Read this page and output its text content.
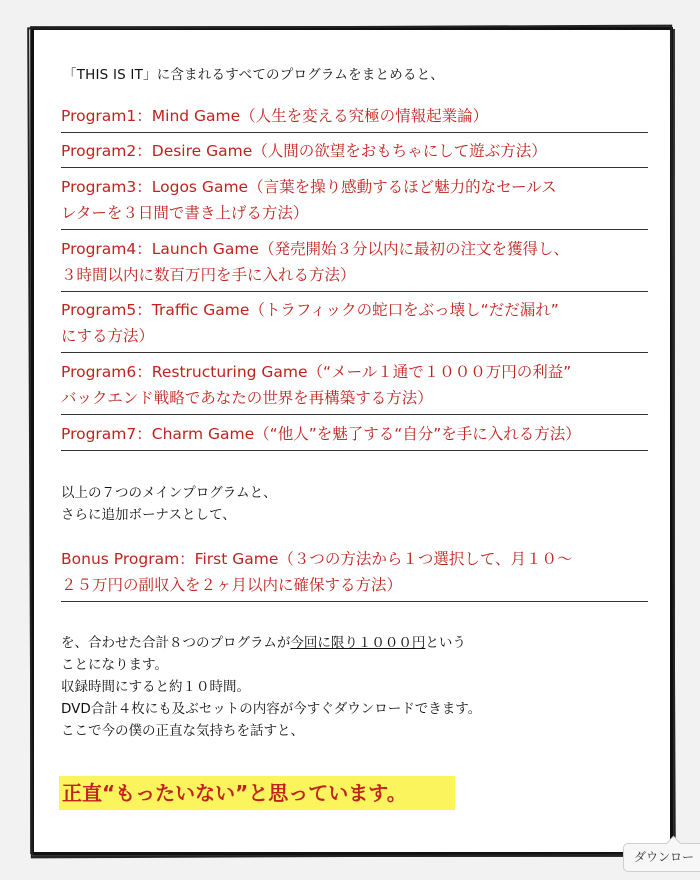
「THIS IS IT」に含まれるすべてのプログラムをまとめると、
Program1：Mind Game（人生を変える究極の情報起業論）
Program2：Desire Game（人間の欲望をおもちゃにして遊ぶ方法）
Program3：Logos Game（言葉を操り感動するほど魅力的なセールス
レターを３日間で書き上げる方法）
Program4：Launch Game（発売開始３分以内に最初の注文を獲得し、
３時間以内に数百万円を手に入れる方法）
Program5：Traffic Game（トラフィックの蛇口をぶっ壊し“だだ漏れ”
にする方法）
Program6：Restructuring Game（“メール１通で１０００万円の利益”
バックエンド戦略であなたの世界を再構築する方法）
Program7：Charm Game（“他人”を魅了する“自分”を手に入れる方法）
以上の７つのメインプログラムと、
さらに追加ボーナスとして、
Bonus Program：First Game（３つの方法から１つ選択して、月１０～
２５万円の副収入を２ヶ月以内に確保する方法）
を、合わせた合計８つのプログラムが今回に限り１０００円という
ことになります。
収録時間にすると約１０時間。
DVD合計４枚にも及ぶセットの内容が今すぐダウンロードできます。
ここで今の僕の正直な気持ちを話すと、
正直“もったいない”と思っています。
ダウンロー
